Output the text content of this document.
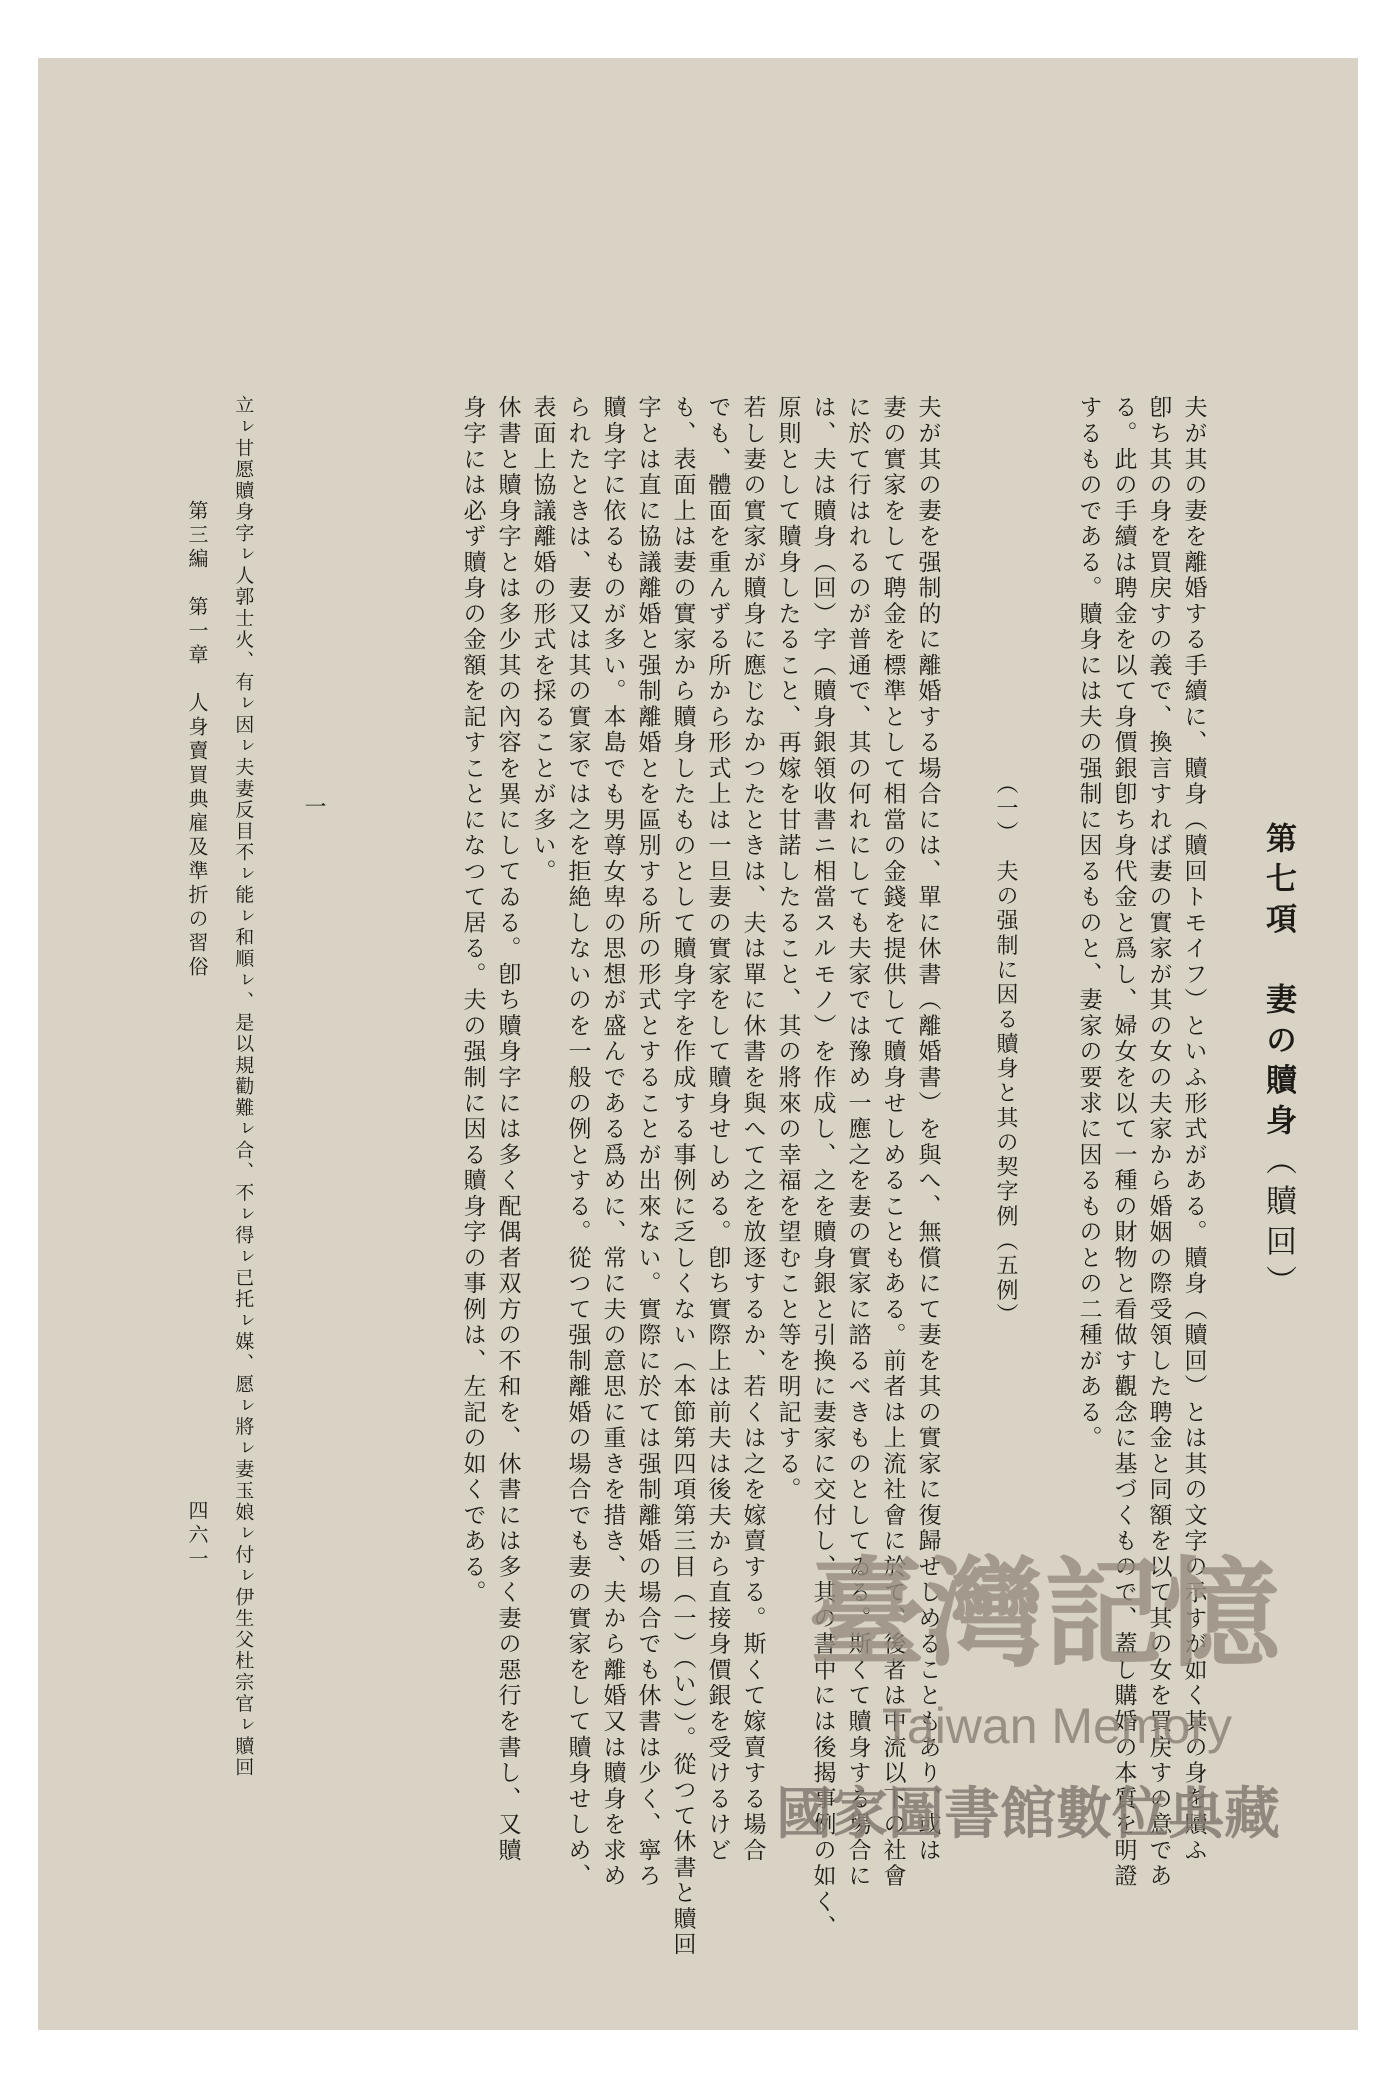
第七項　妻の贖身（贖回）
夫が其の妻を離婚する手續に、贖身（贖回トモイフ）といふ形式がある。贖身（贖回）とは其の文字の示すが如く其の身を贖ふ
卽ち其の身を買戻すの義で、換言すれば妻の實家が其の女の夫家から婚姻の際受領した聘金と同額を以て其の女を買戻すの意であ
る。此の手續は聘金を以て身價銀卽ち身代金と爲し、婦女を以て一種の財物と看做す觀念に基づくもので、蓋し購婚の本質を明證
するものである。贖身には夫の强制に因るものと、妻家の要求に因るものとの二種がある。
（一）　夫の强制に因る贖身と其の契字例（五例）
夫が其の妻を强制的に離婚する場合には、單に休書（離婚書）を與へ、無償にて妻を其の實家に復歸せしめることもあり、或は
妻の實家をして聘金を標準として相當の金錢を提供して贖身せしめることもある。前者は上流社會に於て、後者は中流以下の社會
に於て行はれるのが普通で、其の何れにしても夫家では豫め一應之を妻の實家に諮るべきものとしてゐる。斯くて贖身する場合に
は、夫は贖身（回）字（贖身銀領收書ニ相當スルモノ）を作成し、之を贖身銀と引換に妻家に交付し、其の書中には後揭事例の如く、
原則として贖身したること、再嫁を甘諾したること、其の將來の幸福を望むこと等を明記する。
若し妻の實家が贖身に應じなかつたときは、夫は單に休書を與へて之を放逐するか、若くは之を嫁賣する。斯くて嫁賣する場合
でも、體面を重んずる所から形式上は一旦妻の實家をして贖身せしめる。卽ち實際上は前夫は後夫から直接身價銀を受けるけど
も、表面上は妻の實家から贖身したものとして贖身字を作成する事例に乏しくない（本節第四項第三目（一）（い））。從つて休書と贖回
字とは直に協議離婚と强制離婚とを區別する所の形式とすることが出來ない。實際に於ては强制離婚の場合でも休書は少く、寧ろ
贖身字に依るものが多い。本島でも男尊女卑の思想が盛んである爲めに、常に夫の意思に重きを措き、夫から離婚又は贖身を求め
られたときは、妻又は其の實家では之を拒絶しないのを一般の例とする。從つて强制離婚の場合でも妻の實家をして贖身せしめ、
表面上協議離婚の形式を採ることが多い。
休書と贖身字とは多少其の內容を異にしてゐる。卽ち贖身字には多く配偶者双方の不和を、休書には多く妻の惡行を書し、又贖
身字には必ず贖身の金額を記すことになつて居る。夫の强制に因る贖身字の事例は、左記の如くである。
一
立ㇾ甘愿贖身字ㇾ人郭士火、有ㇾ因ㇾ夫妻反目不ㇾ能ㇾ和順ㇾ、是以規勸難ㇾ合、不ㇾ得ㇾ已托ㇾ媒、愿ㇾ將ㇾ妻玉娘ㇾ付ㇾ伊生父杜宗官ㇾ贖回
第三編　第一章　人身賣買典雇及準折の習俗
四六一
臺灣記憶
Taiwan Memory
國家圖書館數位典藏
